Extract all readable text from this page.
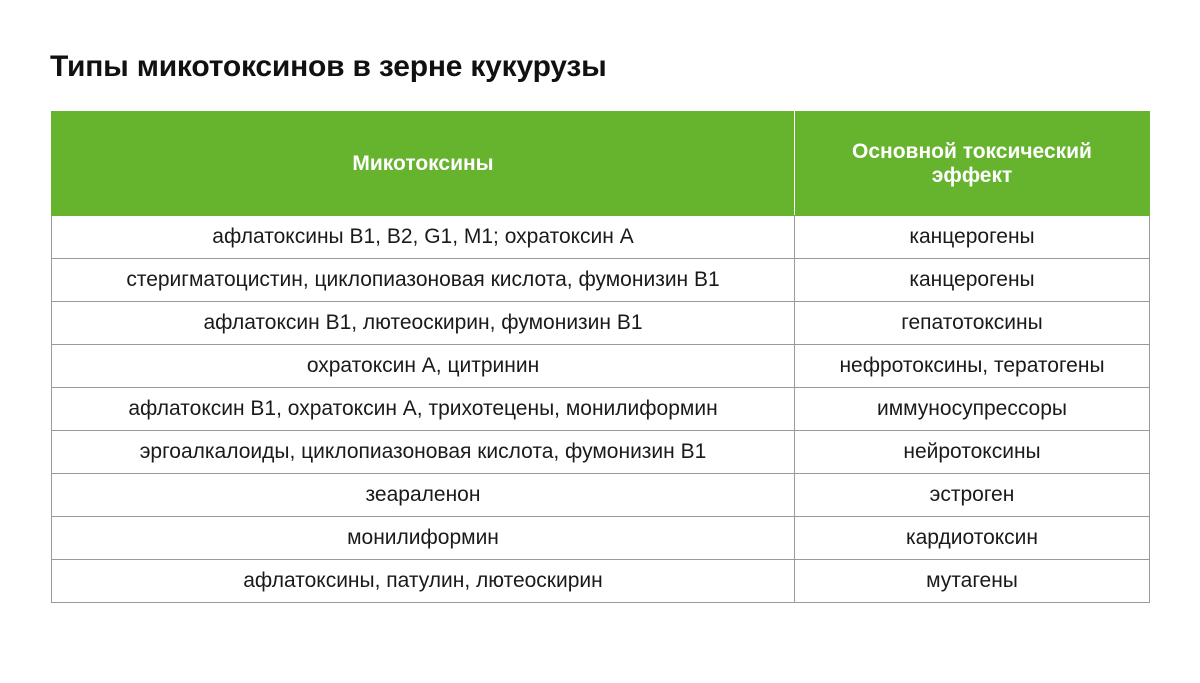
Типы микотоксинов в зерне кукурузы
Микотоксины	Основной токсический эффект
афлатоксины В1, В2, G1, М1; охратоксин А	канцерогены
стеригматоцистин, циклопиазоновая кислота, фумонизин В1	канцерогены
афлатоксин В1, лютеоскирин, фумонизин В1	гепатотоксины
охратоксин А, цитринин	нефротоксины, тератогены
афлатоксин В1, охратоксин А, трихотецены, монилиформин	иммуносупрессоры
эргоалкалоиды, циклопиазоновая кислота, фумонизин В1	нейротоксины
зеараленон	эстроген
монилиформин	кардиотоксин
афлатоксины, патулин, лютеоскирин	мутагены
